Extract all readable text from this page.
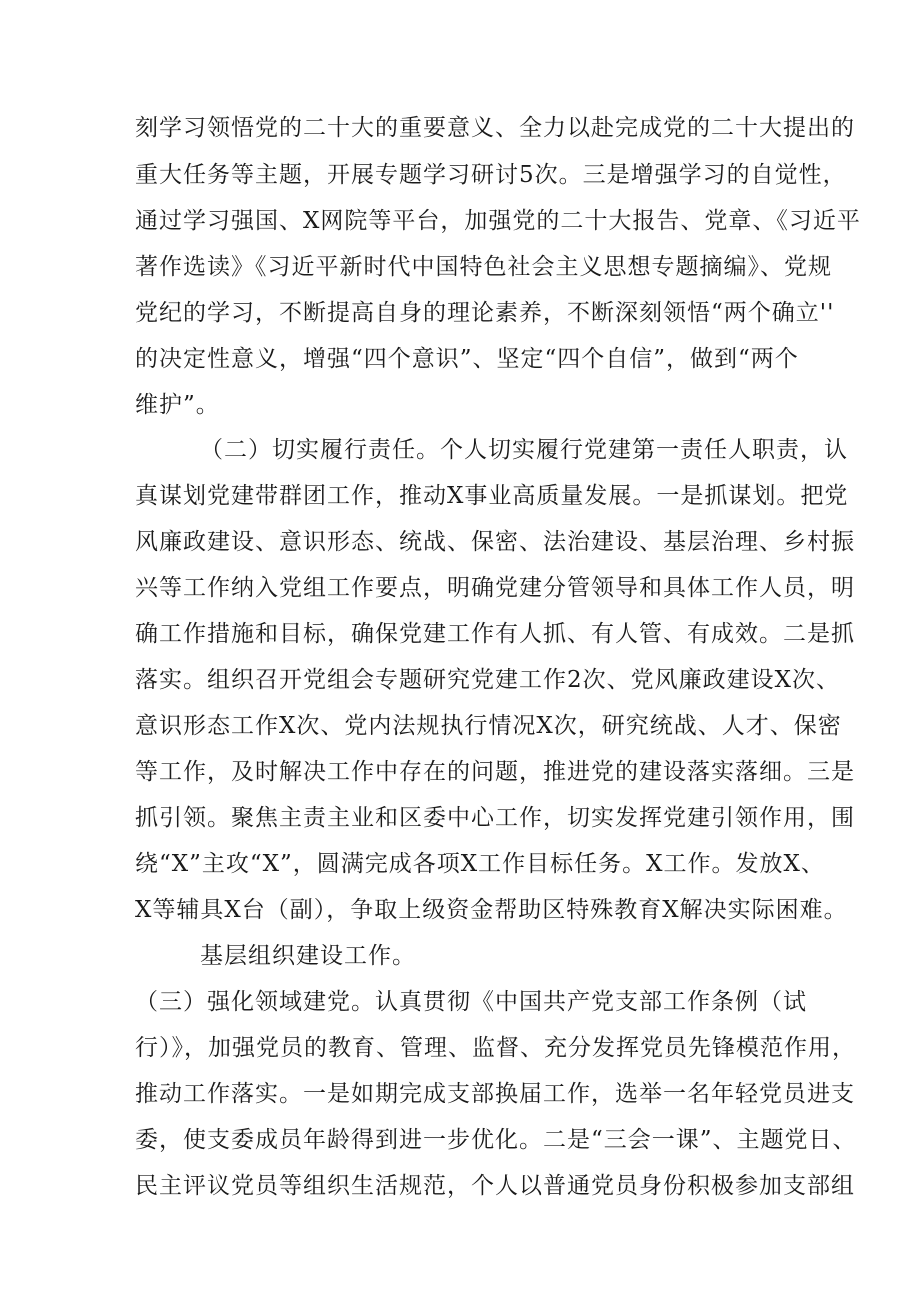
刻学习领悟党的二十大的重要意义、全力以赴完成党的二十大提出的
重大任务等主题，开展专题学习研讨5次。三是增强学习的自觉性，
通过学习强国、X网院等平台，加强党的二十大报告、党章、《习近平
著作选读》《习近平新时代中国特色社会主义思想专题摘编》、党规
党纪的学习，不断提高自身的理论素养，不断深刻领悟“两个确立''
的决定性意义，增强“四个意识”、坚定“四个自信”，做到“两个
维护”。
（二）切实履行责任。个人切实履行党建第一责任人职责，认
真谋划党建带群团工作，推动X事业高质量发展。一是抓谋划。把党
风廉政建设、意识形态、统战、保密、法治建设、基层治理、乡村振
兴等工作纳入党组工作要点，明确党建分管领导和具体工作人员，明
确工作措施和目标，确保党建工作有人抓、有人管、有成效。二是抓
落实。组织召开党组会专题研究党建工作2次、党风廉政建设X次、
意识形态工作X次、党内法规执行情况X次，研究统战、人才、保密
等工作，及时解决工作中存在的问题，推进党的建设落实落细。三是
抓引领。聚焦主责主业和区委中心工作，切实发挥党建引领作用，围
绕“X”主攻“X”，圆满完成各项X工作目标任务。X工作。发放X、
X等辅具X台（副），争取上级资金帮助区特殊教育X解决实际困难。
基层组织建设工作。
（三）强化领域建党。认真贯彻《中国共产党支部工作条例（试
行）》，加强党员的教育、管理、监督、充分发挥党员先锋模范作用，
推动工作落实。一是如期完成支部换届工作，选举一名年轻党员进支
委，使支委成员年龄得到进一步优化。二是“三会一课”、主题党日、
民主评议党员等组织生活规范，个人以普通党员身份积极参加支部组
